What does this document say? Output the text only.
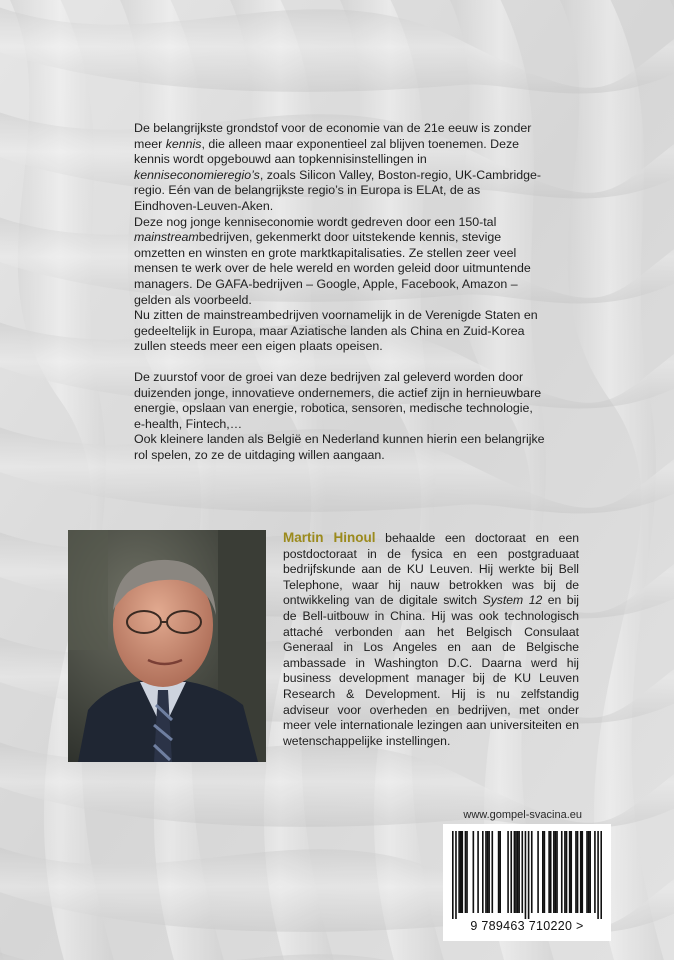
De belangrijkste grondstof voor de economie van de 21e eeuw is zonder meer kennis, die alleen maar exponentieel zal blijven toenemen. Deze kennis wordt opgebouwd aan topkennisinstellingen in kenniseconomieregio’s, zoals Silicon Valley, Boston-regio, UK-Cambridge-regio. Eén van de belangrijkste regio’s in Europa is ELAt, de as Eindhoven-Leuven-Aken.

Deze nog jonge kenniseconomie wordt gedreven door een 150-tal mainstreambedrijven, gekenmerkt door uitstekende kennis, stevige omzetten en winsten en grote marktkapitalisaties. Ze stellen zeer veel mensen te werk over de hele wereld en worden geleid door uitmuntende managers. De GAFA-bedrijven – Google, Apple, Facebook, Amazon – gelden als voorbeeld.

Nu zitten de mainstreambedrijven voornamelijk in de Verenigde Staten en gedeeltelijk in Europa, maar Aziatische landen als China en Zuid-Korea zullen steeds meer een eigen plaats opeisen.

De zuurstof voor de groei van deze bedrijven zal geleverd worden door duizenden jonge, innovatieve ondernemers, die actief zijn in hernieuwbare energie, opslaan van energie, robotica, sensoren, medische technologie, e-health, Fintech,…

Ook kleinere landen als België en Nederland kunnen hierin een belangrijke rol spelen, zo ze de uitdaging willen aangaan.

Martin Hinoul behaalde een doctoraat en een postdoctoraat in de fysica en een postgraduaat bedrijfskunde aan de KU Leuven. Hij werkte bij Bell Telephone, waar hij nauw betrokken was bij de ontwikkeling van de digitale switch System 12 en bij de Bell-uitbouw in China. Hij was ook technologisch attaché verbonden aan het Belgisch Consulaat Generaal in Los Angeles en aan de Belgische ambassade in Washington D.C. Daarna werd hij business development manager bij de KU Leuven Research & Development. Hij is nu zelfstandig adviseur voor overheden en bedrijven, met onder meer vele internationale lezingen aan universiteiten en wetenschappelijke instellingen.
www.gompel-svacina.eu
9 789463 710220 >
